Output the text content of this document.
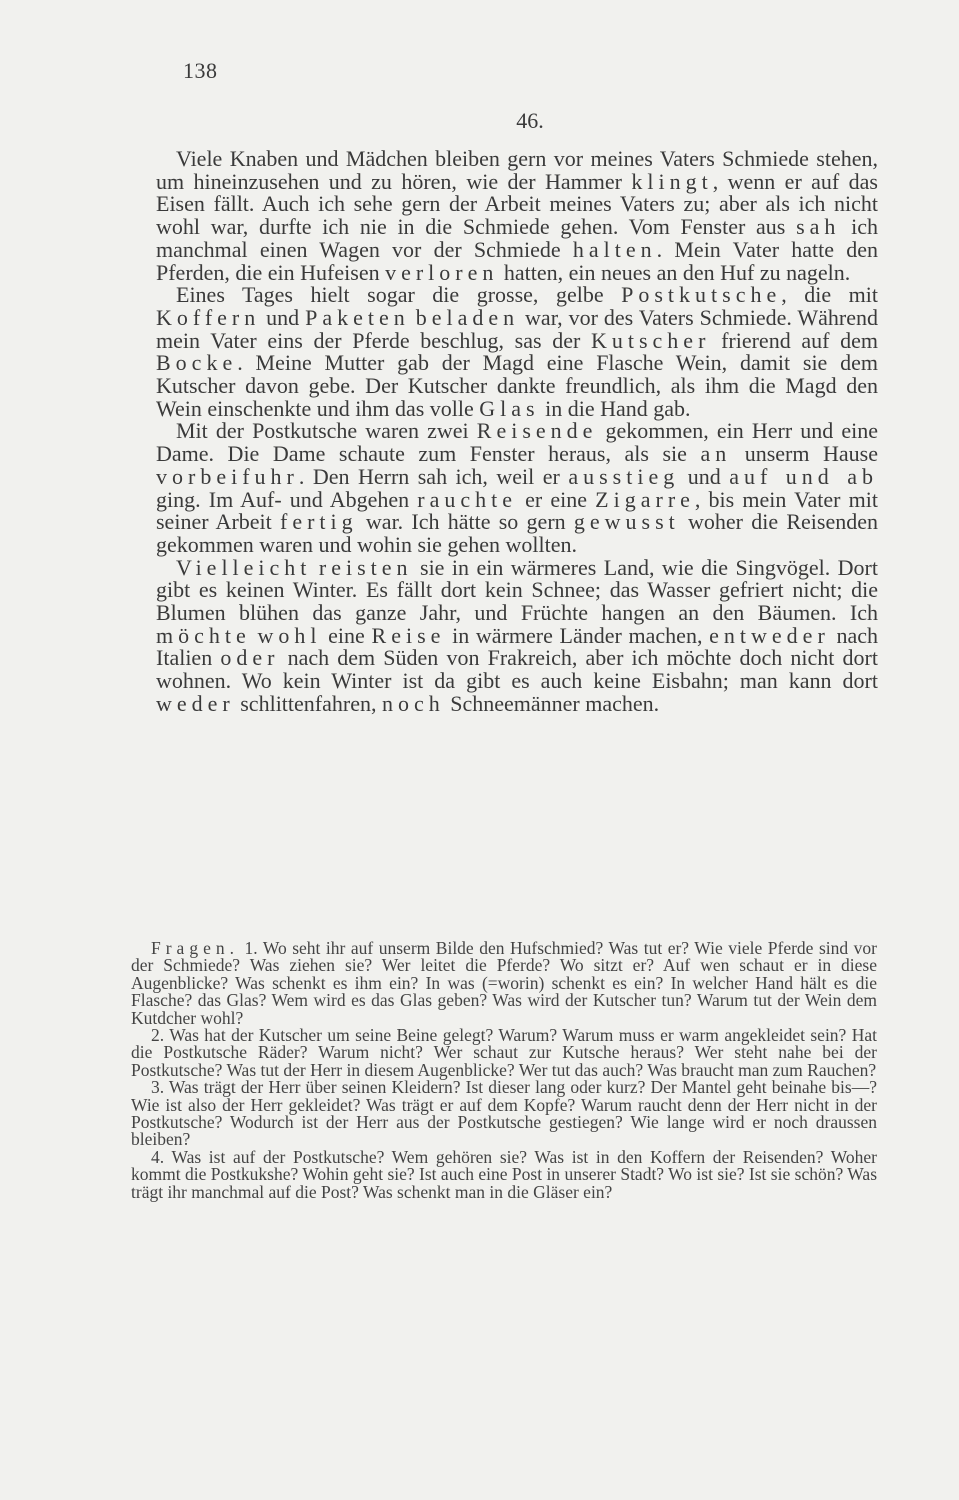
138
46.

Viele Knaben und Mädchen bleiben gern vor meines Vaters Schmiede stehen, um hineinzusehen und zu hören, wie der Hammer klingt, wenn er auf das Eisen fällt. Auch ich sehe gern der Arbeit meines Vaters zu; aber als ich nicht wohl war, durfte ich nie in die Schmiede gehen. Vom Fenster aus sah ich manchmal einen Wagen vor der Schmiede halten. Mein Vater hatte den Pferden, die ein Hufeisen verloren hatten, ein neues an den Huf zu nageln.

Eines Tages hielt sogar die grosse, gelbe Postkutsche, die mit Koffern und Paketen beladen war, vor des Vaters Schmiede. Während mein Vater eins der Pferde beschlug, sas der Kutscher frierend auf dem Bocke. Meine Mutter gab der Magd eine Flasche Wein, damit sie dem Kutscher davon gebe. Der Kutscher dankte freundlich, als ihm die Magd den Wein einschenkte und ihm das volle Glas in die Hand gab.

Mit der Postkutsche waren zwei Reisende gekommen, ein Herr und eine Dame. Die Dame schaute zum Fenster heraus, als sie an unserm Hause vorbeifuhr. Den Herrn sah ich, weil er ausstieg und auf und ab ging. Im Auf- und Abgehen rauchte er eine Zigarre, bis mein Vater mit seiner Arbeit fertig war. Ich hätte so gern gewusst woher die Reisenden gekommen waren und wohin sie gehen wollten.

Vielleicht reisten sie in ein wärmeres Land, wie die Singvögel. Dort gibt es keinen Winter. Es fällt dort kein Schnee; das Wasser gefriert nicht; die Blumen blühen das ganze Jahr, und Früchte hangen an den Bäumen. Ich möchte wohl eine Reise in wärmere Länder machen, entweder nach Italien oder nach dem Süden von Frakreich, aber ich möchte doch nicht dort wohnen. Wo kein Winter ist da gibt es auch keine Eisbahn; man kann dort weder schlittenfahren, noch Schneemänner machen.

Fragen. 1. Wo seht ihr auf unserm Bilde den Hufschmied? Was tut er? Wie viele Pferde sind vor der Schmiede? Was ziehen sie? Wer leitet die Pferde? Wo sitzt er? Auf wen schaut er in diese Augenblicke? Was schenkt es ihm ein? In was (=worin) schenkt es ein? In welcher Hand hält es die Flasche? das Glas? Wem wird es das Glas geben? Was wird der Kutscher tun? Warum tut der Wein dem Kutdcher wohl?

2. Was hat der Kutscher um seine Beine gelegt? Warum? Warum muss er warm angekleidet sein? Hat die Postkutsche Räder? Warum nicht? Wer schaut zur Kutsche heraus? Wer steht nahe bei der Postkutsche? Was tut der Herr in diesem Augenblicke? Wer tut das auch? Was braucht man zum Rauchen?

3. Was trägt der Herr über seinen Kleidern? Ist dieser lang oder kurz? Der Mantel geht beinahe bis—? Wie ist also der Herr gekleidet? Was trägt er auf dem Kopfe? Warum raucht denn der Herr nicht in der Postkutsche? Wodurch ist der Herr aus der Postkutsche gestiegen? Wie lange wird er noch draussen bleiben?

4. Was ist auf der Postkutsche? Wem gehören sie? Was ist in den Koffern der Reisenden? Woher kommt die Postkukshe? Wohin geht sie? Ist auch eine Post in unserer Stadt? Wo ist sie? Ist sie schön? Was trägt ihr manchmal auf die Post? Was schenkt man in die Gläser ein?
